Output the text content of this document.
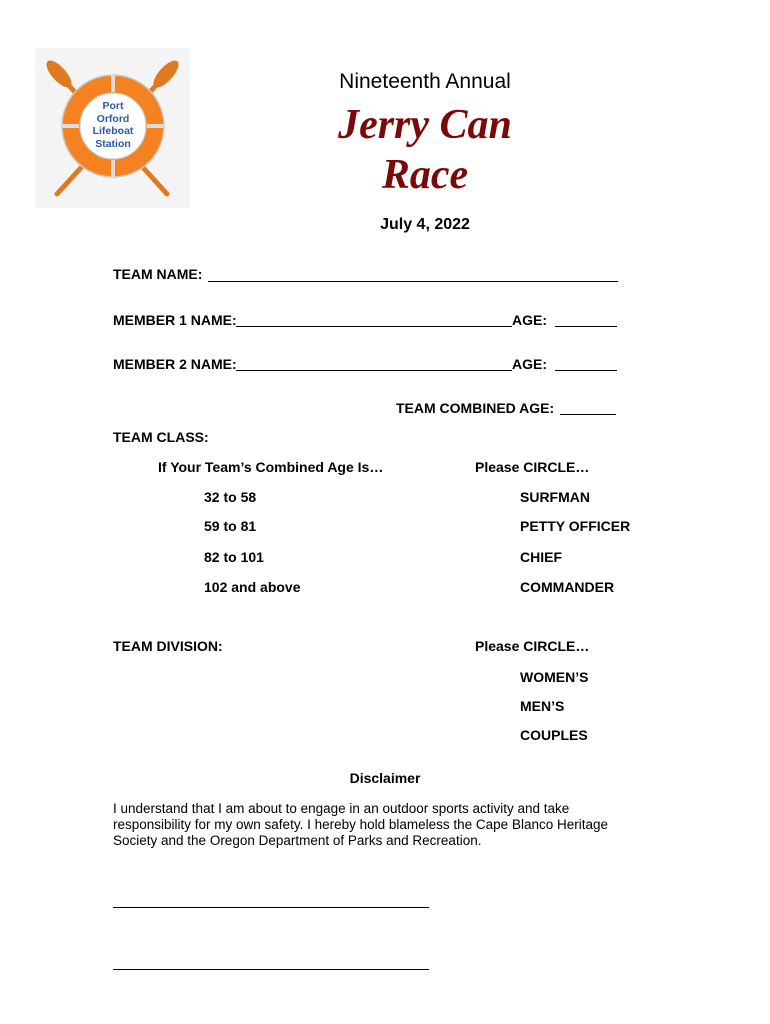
Port
Orford
Lifeboat
Station
Nineteenth Annual
Jerry Can
Race
July 4, 2022
TEAM NAME:
MEMBER 1 NAME:	AGE:
MEMBER 2 NAME:	AGE:
TEAM COMBINED AGE:
TEAM CLASS:
If Your Team’s Combined Age Is…	Please CIRCLE…
32 to 58	SURFMAN
59 to 81	PETTY OFFICER
82 to 101	CHIEF
102 and above	COMMANDER
TEAM DIVISION:	Please CIRCLE…
WOMEN’S
MEN’S
COUPLES
Disclaimer
I understand that I am about to engage in an outdoor sports activity and take responsibility for my own safety. I hereby hold blameless the Cape Blanco Heritage Society and the Oregon Department of Parks and Recreation.
